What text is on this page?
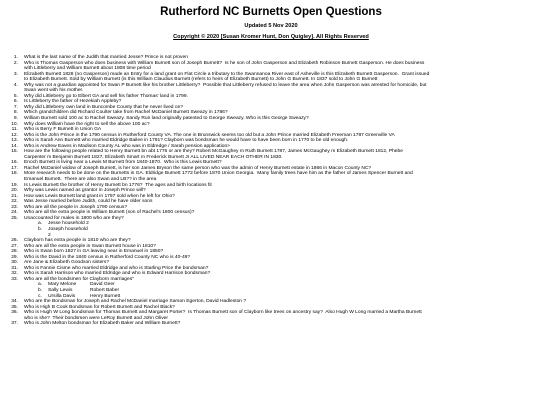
Rutherford NC Burnetts Open Questions
Updated 5 Nov 2020
Copyright © 2020 [Susan Kromer Hunt, Don Quigley]. All Rights Reserved
1.	What is the last name of the Judith that married Jesse? Prince is not proven
2.	Who is Thomas Gasperson who does business with William Burnett son of Joseph Burnett?  Is he son of John Gasperson and Elizabeth Robinson Burnett Gasperson. He does business
with Littleberry and William Burnett about 1808 time period
3.	Elizabeth Burnett 1828 (no Gasperson) made an Entry for a land grant on Flat Circle a tributary to the Swannanoa River east of Asheville is this Elizabeth Burnett Gasperson.  Grant issued
to Elizabeth Burnett. Sold by William Burnett (is this William Claudius Burnett (refers to heirs of Elizabeth Burnett) to John G Burnett. In 1837 sold to John G Burnett
4.	Why was not a guardian appointed for Swan P Burnett like his brother Littleberry?  Possible that Littleberry refused to leave the area when John Gasperson was arrested for homicide, but
Swan went with his mother.
5.	Why did Littleberry go to Elbert GA and sell his father Thomas' land in 1799.
6.	Is Littleberry the father of Hezekiah Appleby?
7.	Why did Littleberry own land in Buncombe County that he never lived on?
8.	Which grandchildren did Richard Coulter take from Rachel McDaniel Burnett Sweazy in 1786?
9.	William Burnett sold 100 ac to Rachel Sweazy. Sandy Run land originally patented to George Sweazy. Who is this George Sweazy?
10.	Why does William have the right to sell the above 100 ac?
11.	Who is Berry F Burnett in Union GA
12.	Who is the John Prince in the 1790 census in Rutherford County VA. The one in Brunswick seems too old but a John Prince married Elizabeth Freeman 1787 Greenville VA
13.	Who is Sarah Ann Burnett who married Eldridge Bailee in 1791? Clayborn was bondsman he would have to have been born in 1770 to be old enough.
14.	Who is Andrew Eaves in Madison County AL who was in Eldredge / Sarah pension application>
15.	How are the following people related to Henry Burnett bn abt 1776 or are they? Robert McGaughey m Ruth Burnett 1787, James McGaughey m Elizabeth Burnett 1812, Phebe
Carpenter m Benjamin Burnett 1827, Elizabeth Smart m Frederick Burnett Jr ALL LIVED NEAR EACH OTHER IN 1830.
16.	Enoch Burnett is living near a Lewis M Burnett from 1840-1870.  Who is this Lewis Burnett?
17.	Rachel McDaniel widow of Joseph Burnett, is her son James Bryson the same person who was the admin of Henry Burnett estate in 1866 in Macon County NC?
18.	More research needs to be done on the Burnetts in GA. Eldridge Burnett 1772 before 1870 Union Georgia.  Many family trees have him as the father of James Spencer Burnett and
Emanuel Burnett.  There are also Swan and LB?? in the area
19.	Is Lewis Burnett the brother of Henry Burnett bn 1776?  The ages and birth locations fit
20.	Why was Lewis named as grantor in Joseph Prince will?
21.	How was Lewis Burnett land grant in 1797 sold when he left for Ohio?
22.	Was Jesse married before Judith, could he have older sons
23.	Who are all the people in Joseph 1790 census?
24.	Who are all the extra people in William Burnett (son of Rachel's 1800 census)?
25.	Unaccounted for males in 1800 who are they?
a.	Jesse household 2
b.	Joseph household 2
26.	Clayborn has extra people in 1810 who are they?
27.	Who are all the extra people in Swan Burnett house in 1810?
28.	Who is Swan born 1827 in GA leaving near in Emanuel in 1850?
29.	Who is the David in the 1840 census in Rutherford County NC who is 40-49?
30.	Are Jane & Elizabeth Goodson sisters?
31.	Who is Fannie Cisme who married Eldridge and who is Starling Price the bondsman?
32.	Who is Sarah Harrison who married Eldridge and who is Edward Harrison bondsman?
33.	Who are all the bondsmen for Clayborn marriages"
a.	Mary Melone	David Geer
b.	Sally Lewis	Robert Baber
c.	Ursilla Davis	Henry Burnett
34.	Who are the Bondsman for Joseph and Rachel McDaniel marriage Sarson Egerton, David Hadleston ?
35.	Who is High B Cook Bondsman for Robert Burnett and Rachel Black?
36.	Who is Hugh W Long bondsman for Thomas Burnett and Margaret Porter?  Is Thomas Burnett son of Clayborn like trees on ancestry say?  Also Hugh W Long married a Martha Burnett
who is she?  Their bondsmen were LeRoy Burnett and John Oliver
37.	Who is John Melton bondsman for Elizabeth Baker and William Burnett?
